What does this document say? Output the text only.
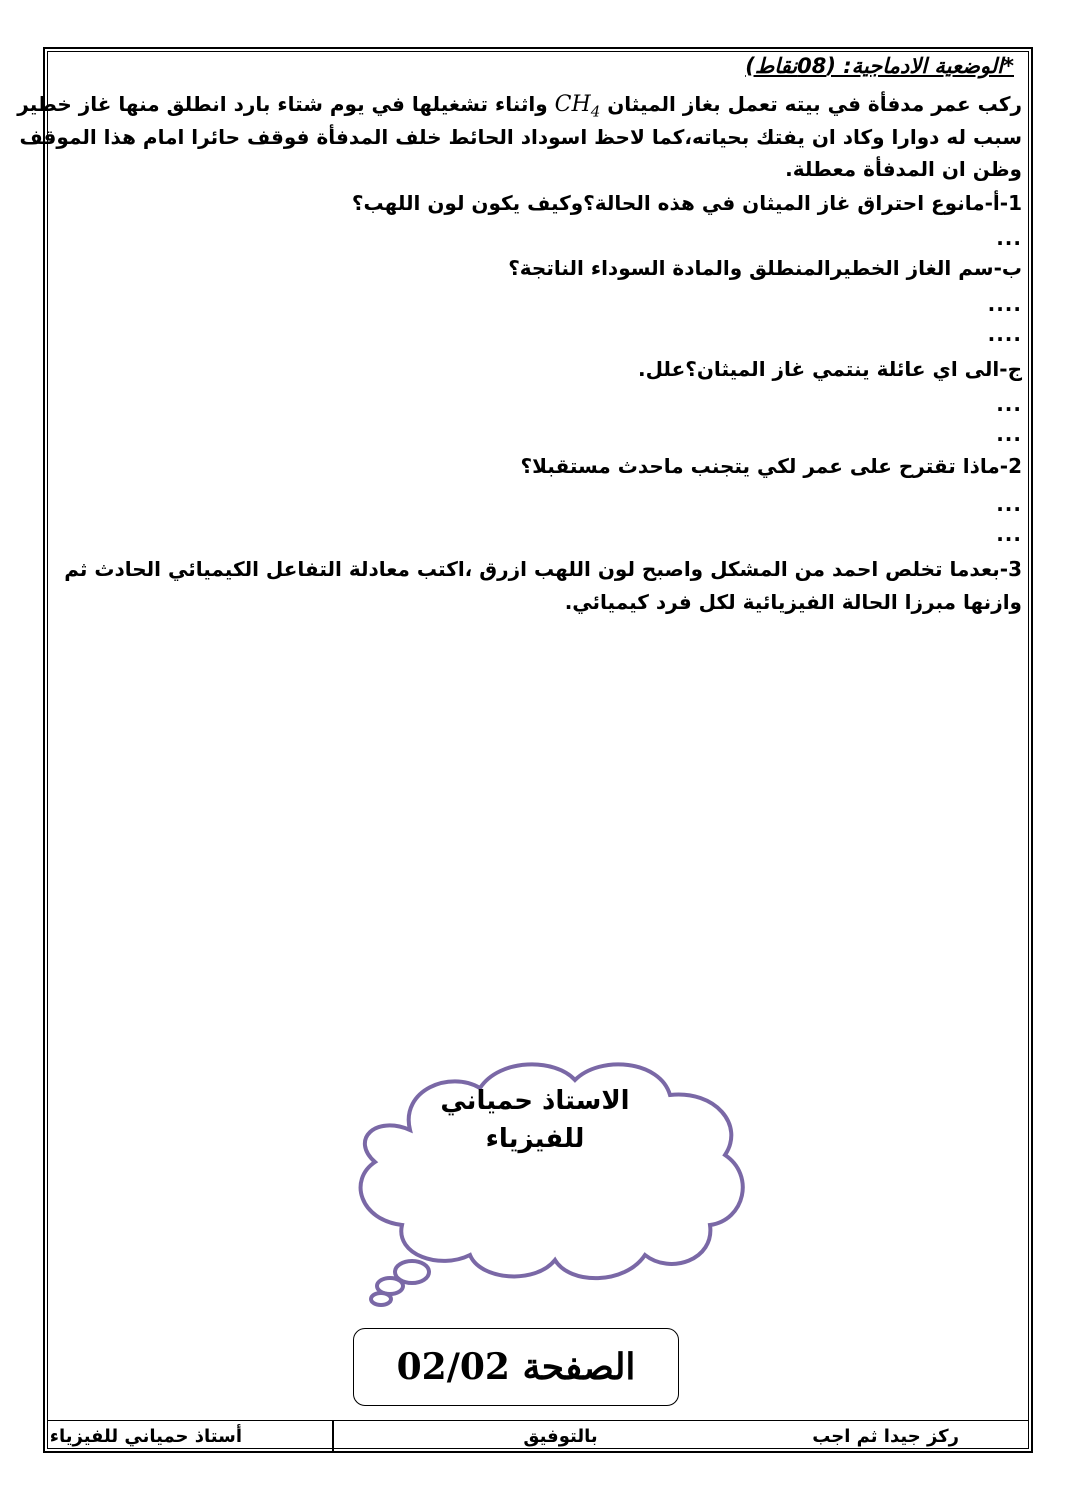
*الوضعية الادماجية: (08نقاط)
ركب عمر مدفأة في بيته تعمل بغاز الميثان $CH_4$ واثناء تشغيلها في يوم شتاء بارد انطلق منها غاز خطير
سبب له دوارا وكاد ان يفتك بحياته،كما لاحظ اسوداد الحائط خلف المدفأة فوقف حائرا امام هذا الموقف
وظن ان المدفأة معطلة.
1-أ-مانوع احتراق غاز الميثان في هذه الحالة؟وكيف يكون لون اللهب؟
...
ب-سم الغاز الخطيرالمنطلق والمادة السوداء الناتجة؟
....
....
ج-الى اي عائلة ينتمي غاز الميثان؟علل.
...
...
2-ماذا تقترح على عمر لكي يتجنب ماحدث مستقبلا؟
...
...
3-بعدما تخلص احمد من المشكل واصبح لون اللهب ازرق ،اكتب معادلة التفاعل الكيميائي الحادث ثم
وازنها مبرزا الحالة الفيزيائية لكل فرد كيميائي.
الاستاذ حمياني
للفيزياء
الصفحة 02/02
ركز جيدا ثم اجب
بالتوفيق
أستاذ حمياني للفيزياء
